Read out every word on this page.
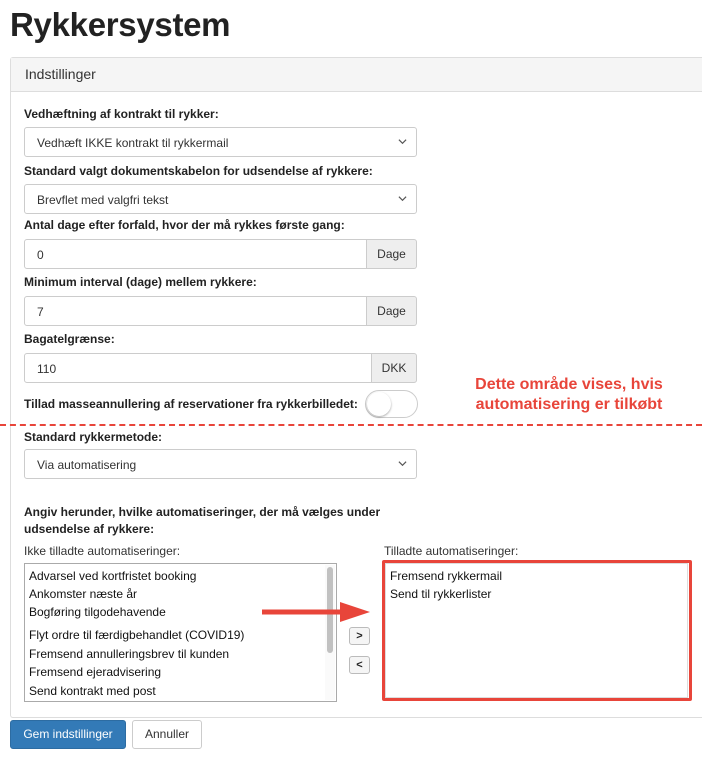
Rykkersystem
Indstillinger
Vedhæftning af kontrakt til rykker:
Vedhæft IKKE kontrakt til rykkermail
Standard valgt dokumentskabelon for udsendelse af rykkere:
Brevflet med valgfri tekst
Antal dage efter forfald, hvor der må rykkes første gang:
0	Dage
Minimum interval (dage) mellem rykkere:
7	Dage
Bagatelgrænse:
110	DKK
Tillad masseannullering af reservationer fra rykkerbilledet:
Dette område vises, hvis
automatisering er tilkøbt
Standard rykkermetode:
Via automatisering
Angiv herunder, hvilke automatiseringer, der må vælges under
udsendelse af rykkere:
Ikke tilladte automatiseringer:	Tilladte automatiseringer:
Advarsel ved kortfristet booking
Ankomster næste år
Bogføring tilgodehavende
Flyt ordre til færdigbehandlet (COVID19)
Fremsend annulleringsbrev til kunden
Fremsend ejeradvisering
Send kontrakt med post
>
<
Fremsend rykkermail
Send til rykkerlister
Gem indstillinger	Annuller
